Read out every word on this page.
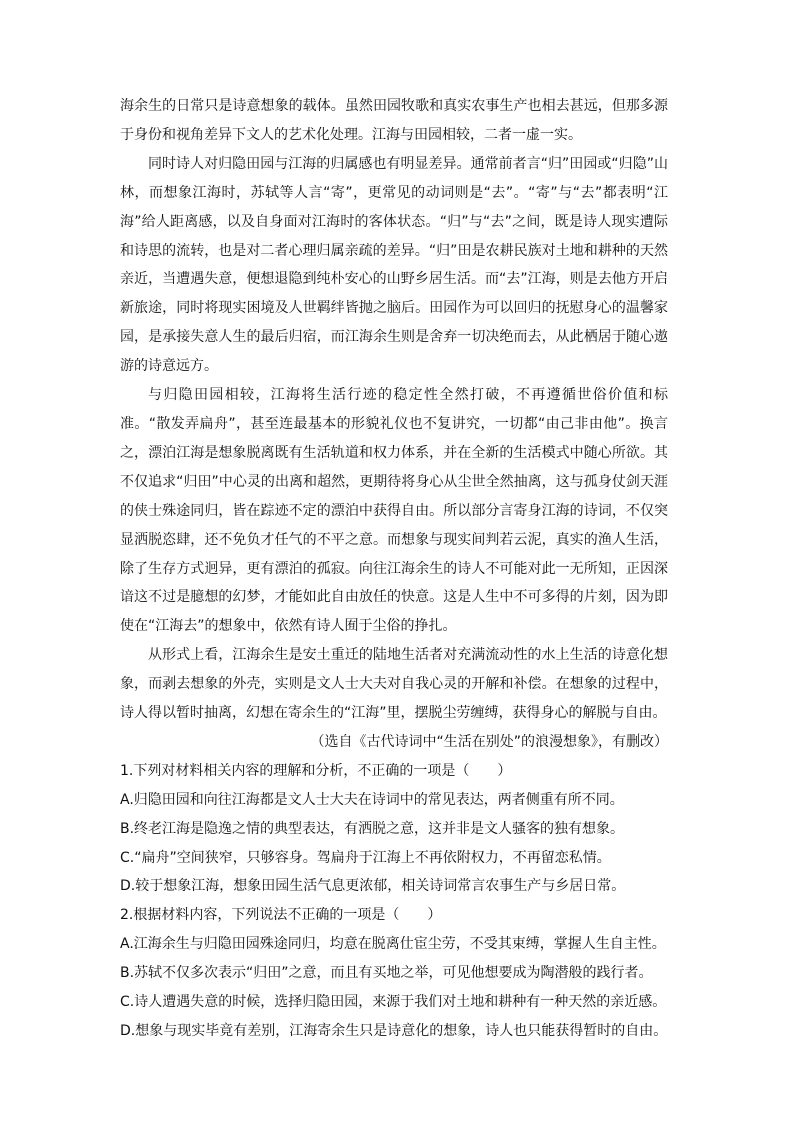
海余生的日常只是诗意想象的载体。虽然田园牧歌和真实农事生产也相去甚远，但那多源于身份和视角差异下文人的艺术化处理。江海与田园相较，二者一虚一实。

同时诗人对归隐田园与江海的归属感也有明显差异。通常前者言“归”田园或“归隐”山林，而想象江海时，苏轼等人言“寄”，更常见的动词则是“去”。“寄”与“去”都表明“江海”给人距离感，以及自身面对江海时的客体状态。“归”与“去”之间，既是诗人现实遭际和诗思的流转，也是对二者心理归属亲疏的差异。“归”田是农耕民族对土地和耕种的天然亲近，当遭遇失意，便想退隐到纯朴安心的山野乡居生活。而“去”江海，则是去他方开启新旅途，同时将现实困境及人世羁绊皆抛之脑后。田园作为可以回归的抚慰身心的温馨家园，是承接失意人生的最后归宿，而江海余生则是舍弃一切决绝而去，从此栖居于随心遨游的诗意远方。

与归隐田园相较，江海将生活行迹的稳定性全然打破，不再遵循世俗价值和标准。“散发弄扁舟”，甚至连最基本的形貌礼仪也不复讲究，一切都“由己非由他”。换言之，漂泊江海是想象脱离既有生活轨道和权力体系，并在全新的生活模式中随心所欲。其不仅追求“归田”中心灵的出离和超然，更期待将身心从尘世全然抽离，这与孤身仗剑天涯的侠士殊途同归，皆在踪迹不定的漂泊中获得自由。所以部分言寄身江海的诗词，不仅突显洒脱恣肆，还不免负才任气的不平之意。而想象与现实间判若云泥，真实的渔人生活，除了生存方式迥异，更有漂泊的孤寂。向往江海余生的诗人不可能对此一无所知，正因深谙这不过是臆想的幻梦，才能如此自由放任的快意。这是人生中不可多得的片刻，因为即使在“江海去”的想象中，依然有诗人囿于尘俗的挣扎。

从形式上看，江海余生是安土重迁的陆地生活者对充满流动性的水上生活的诗意化想象，而剥去想象的外壳，实则是文人士大夫对自我心灵的开解和补偿。在想象的过程中，诗人得以暂时抽离，幻想在寄余生的“江海”里，摆脱尘劳缠缚，获得身心的解脱与自由。

（选自《古代诗词中“生活在别处”的浪漫想象》，有删改）

1.下列对材料相关内容的理解和分析，不正确的一项是（　　）

A.归隐田园和向往江海都是文人士大夫在诗词中的常见表达，两者侧重有所不同。

B.终老江海是隐逸之情的典型表达，有洒脱之意，这并非是文人骚客的独有想象。

C.“扁舟”空间狭窄，只够容身。驾扁舟于江海上不再依附权力，不再留恋私情。

D.较于想象江海，想象田园生活气息更浓郁，相关诗词常言农事生产与乡居日常。

2.根据材料内容，下列说法不正确的一项是（　　）

A.江海余生与归隐田园殊途同归，均意在脱离仕宦尘劳，不受其束缚，掌握人生自主性。

B.苏轼不仅多次表示“归田”之意，而且有买地之举，可见他想要成为陶潜般的践行者。

C.诗人遭遇失意的时候，选择归隐田园，来源于我们对土地和耕种有一种天然的亲近感。

D.想象与现实毕竟有差别，江海寄余生只是诗意化的想象，诗人也只能获得暂时的自由。
